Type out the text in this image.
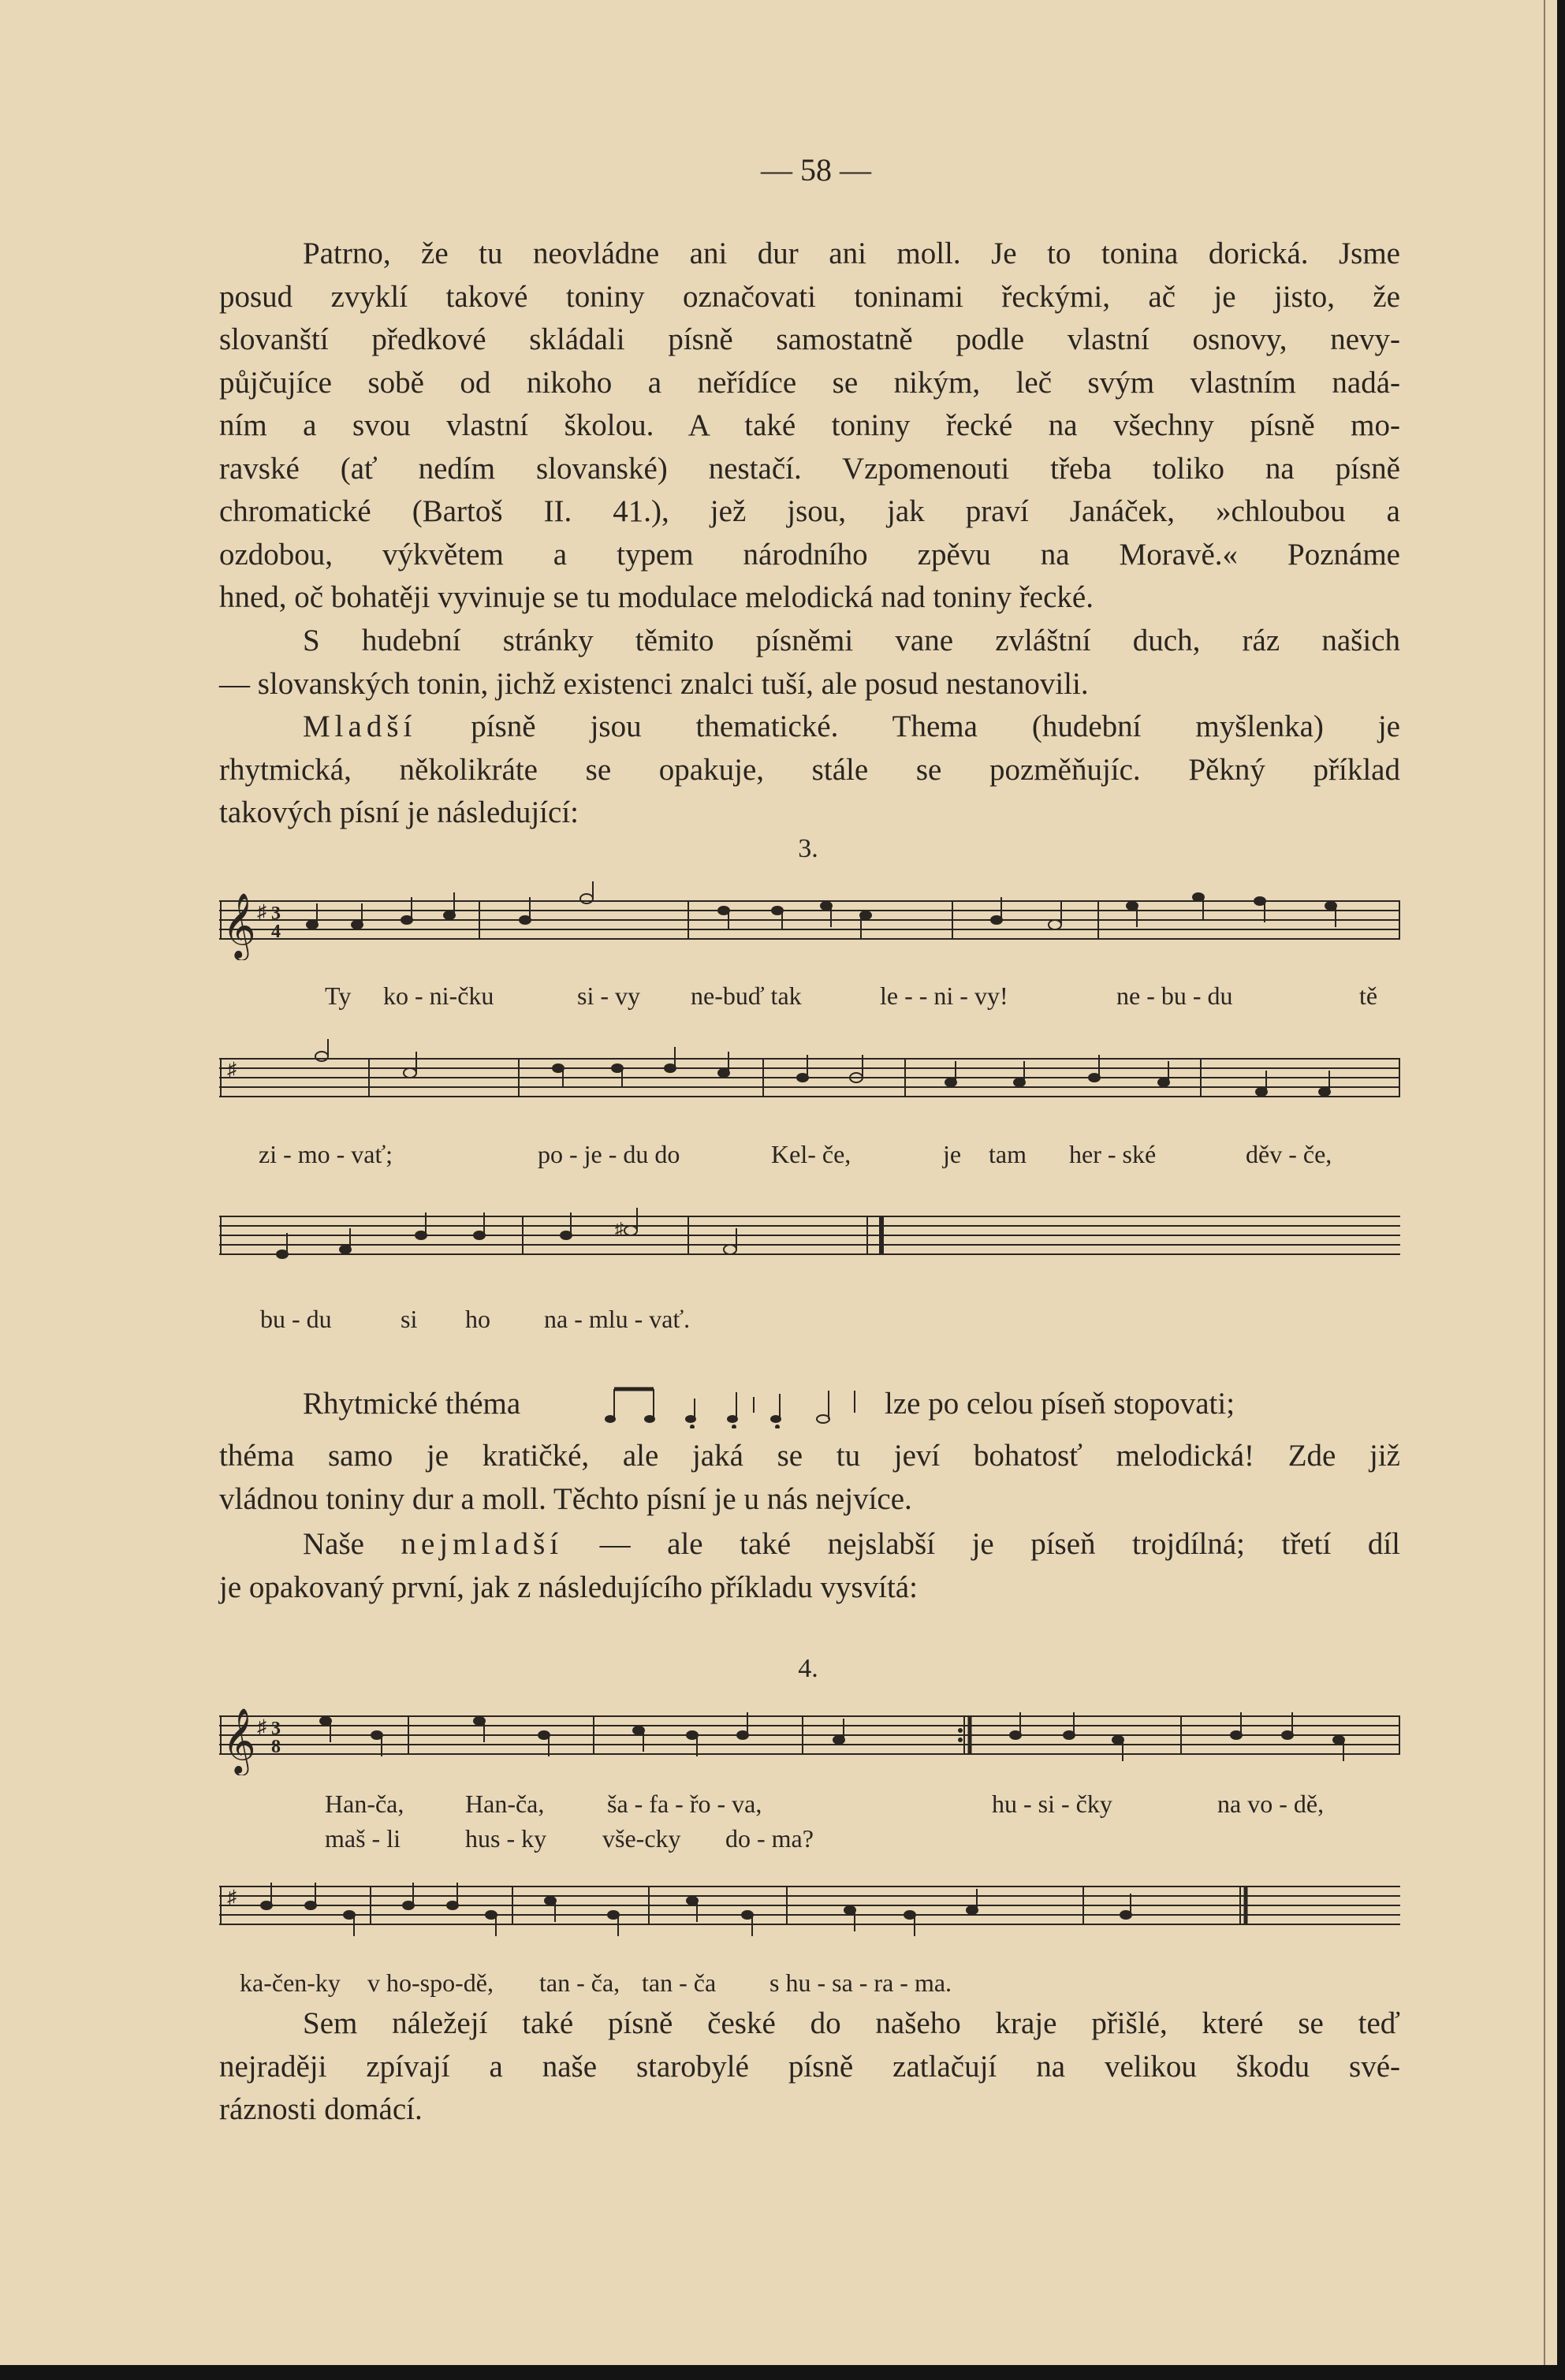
— 58 —

Patrno, že tu neovládne ani dur ani moll. Je to tonina dorická. Jsme
posud zvyklí takové toniny označovati toninami řeckými, ač je jisto, že
slovanští předkové skládali písně samostatně podle vlastní osnovy, nevy-
půjčujíce sobě od nikoho a neřídíce se nikým, leč svým vlastním nadá-
ním a svou vlastní školou. A také toniny řecké na všechny písně mo-
ravské (ať nedím slovanské) nestačí. Vzpomenouti třeba toliko na písně
chromatické (Bartoš II. 41.), jež jsou, jak praví Janáček, »chloubou a
ozdobou, výkvětem a typem národního zpěvu na Moravě.« Poznáme
hned, oč bohatěji vyvinuje se tu modulace melodická nad toniny řecké.

S hudební stránky těmito písněmi vane zvláštní duch, ráz našich
— slovanských tonin, jichž existenci znalci tuší, ale posud nestanovili.

Mladší písně jsou thematické. Thema (hudební myšlenka) je
rhytmická, několikráte se opakuje, stále se pozměňujíc. Pěkný příklad
takových písní je následující:

3.
𝄞 ♯ 3
4
Ty ko - ni-čku	si - vy ne-buď tak	le - - ni - vy!	ne - bu - du	tě
♯
zi - mo - vať;	po - je - du do	Kel- če,	je tam her - ské	děv - če,
♯
bu - du	si ho na - mlu - vať.
Rhytmické théma	lze po celou píseň stopovati;

théma samo je kratičké, ale jaká se tu jeví bohatosť melodická! Zde již
vládnou toniny dur a moll. Těchto písní je u nás nejvíce.

Naše nejmladší — ale také nejslabší je píseň trojdílná; třetí díl
je opakovaný první, jak z následujícího příkladu vysvítá:

4.
𝄞 ♯ 3
8
Han-ča, Han-ča, ša - fa - řo - va,	hu - si - čky	na vo - dě,
maš - li	hus - ky vše-cky do - ma?
♯
ka-čen-ky v ho-spo-dě, tan - ča, tan - ča s hu - sa - ra - ma.

Sem náležejí také písně české do našeho kraje přišlé, které se teď
nejraději zpívají a naše starobylé písně zatlačují na velikou škodu své-
ráznosti domácí.
